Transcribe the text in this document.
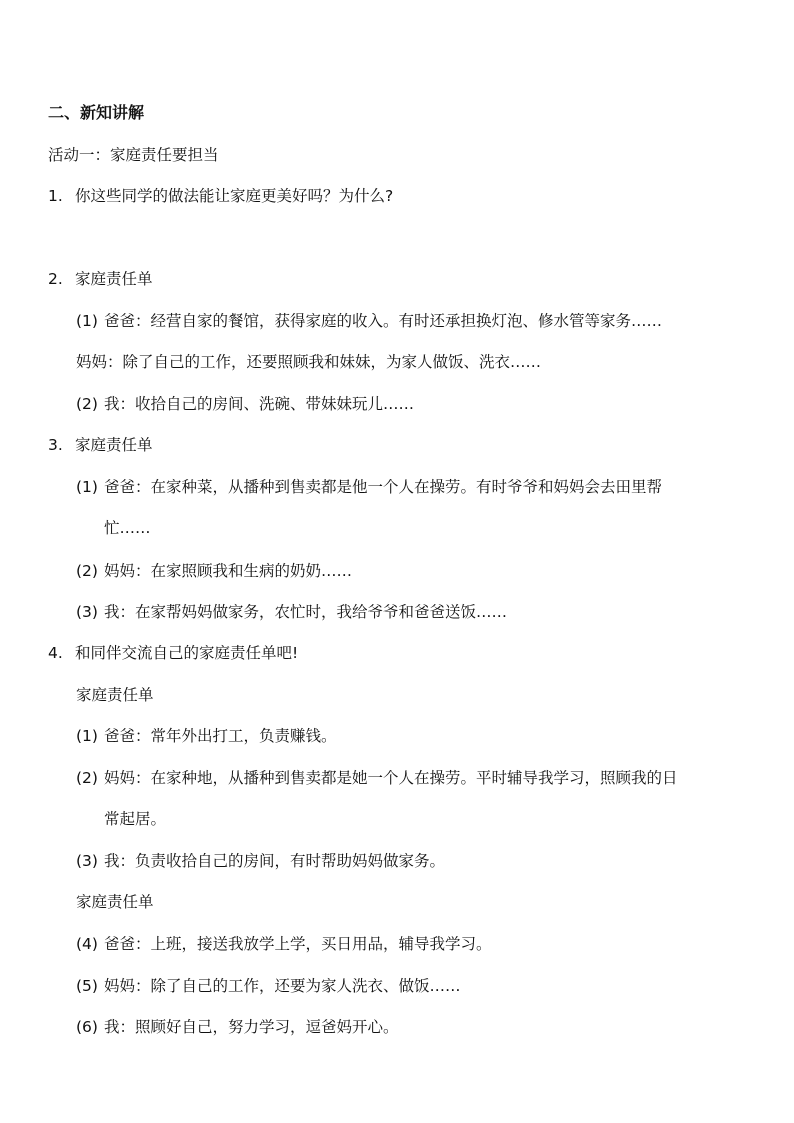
二、新知讲解
活动一：家庭责任要担当
1. 你这些同学的做法能让家庭更美好吗？为什么?
2. 家庭责任单
(1) 爸爸：经营自家的餐馆，获得家庭的收入。有时还承担换灯泡、修水管等家务……
妈妈：除了自己的工作，还要照顾我和妹妹，为家人做饭、洗衣……
(2) 我：收拾自己的房间、洗碗、带妹妹玩儿……
3. 家庭责任单
(1) 爸爸：在家种菜，从播种到售卖都是他一个人在操劳。有时爷爷和妈妈会去田里帮
忙……
(2) 妈妈：在家照顾我和生病的奶奶……
(3) 我：在家帮妈妈做家务，农忙时，我给爷爷和爸爸送饭……
4. 和同伴交流自己的家庭责任单吧!
家庭责任单
(1) 爸爸：常年外出打工，负责赚钱。
(2) 妈妈：在家种地，从播种到售卖都是她一个人在操劳。平时辅导我学习，照顾我的日
常起居。
(3) 我：负责收拾自己的房间，有时帮助妈妈做家务。
家庭责任单
(4) 爸爸：上班，接送我放学上学，买日用品，辅导我学习。
(5) 妈妈：除了自己的工作，还要为家人洗衣、做饭……
(6) 我：照顾好自己，努力学习，逗爸妈开心。
